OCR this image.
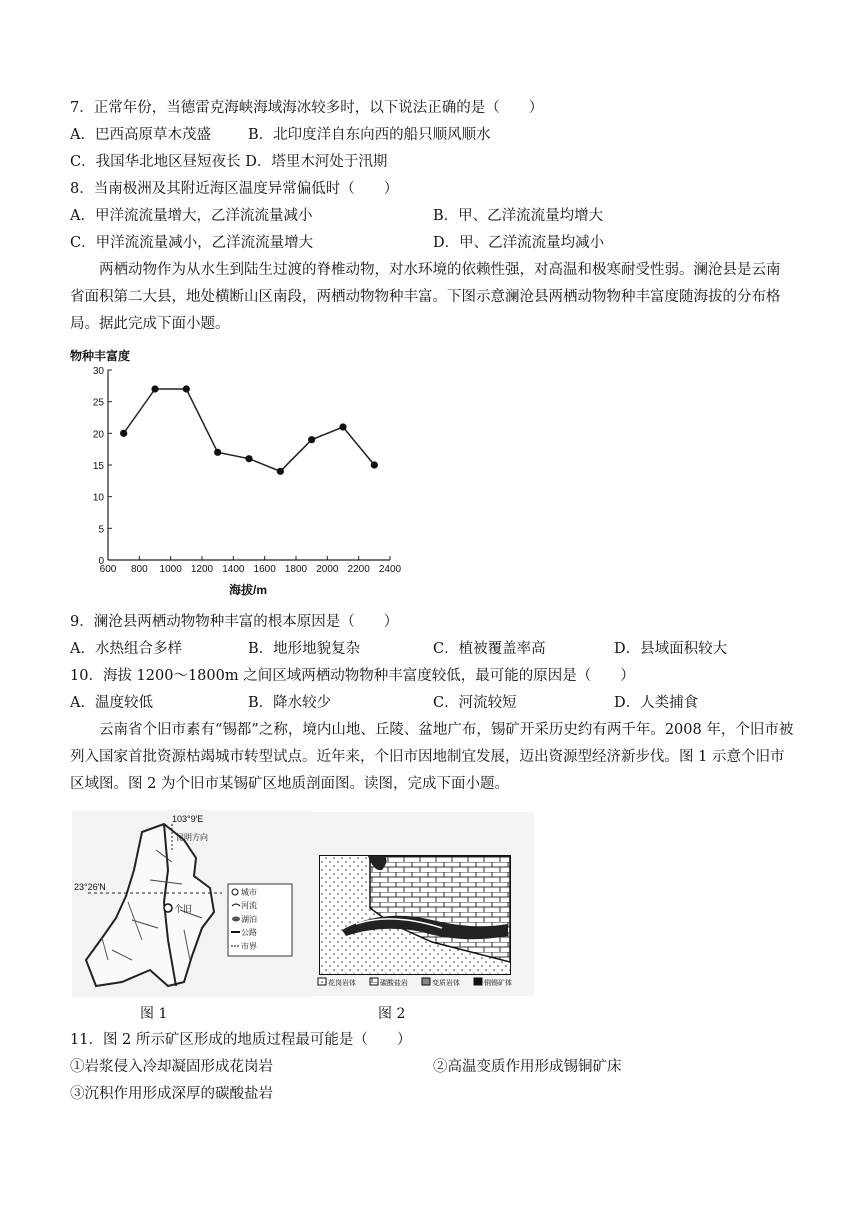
7．正常年份，当德雷克海峡海域海冰较多时，以下说法正确的是（　　）
A．巴西高原草木茂盛	B．北印度洋自东向西的船只顺风顺水
C．我国华北地区昼短夜长 D．塔里木河处于汛期
8．当南极洲及其附近海区温度异常偏低时（　　）
A．甲洋流流量增大，乙洋流流量减小	B．甲、乙洋流流量均增大
C．甲洋流流量减小，乙洋流流量增大	D．甲、乙洋流流量均减小
两栖动物作为从水生到陆生过渡的脊椎动物，对水环境的依赖性强，对高温和极寒耐受性弱。澜沧县是云南省面积第二大县，地处横断山区南段，两栖动物物种丰富。下图示意澜沧县两栖动物物种丰富度随海拔的分布格局。据此完成下面小题。
物种丰富度
海拔/m
600 800 1000 1200 1400 1600 1800 2000 2200 2400
0
5
10
15
20
25
30
9．澜沧县两栖动物物种丰富的根本原因是（　　）
A．水热组合多样	B．地形地貌复杂	C．植被覆盖率高	D．县域面积较大
10．海拔 1200～1800m 之间区域两栖动物物种丰富度较低，最可能的原因是（　　）
A．温度较低	B．降水较少	C．河流较短	D．人类捕食
云南省个旧市素有“锡都”之称，境内山地、丘陵、盆地广布，锡矿开采历史约有两千年。2008 年，个旧市被列入国家首批资源枯竭城市转型试点。近年来，个旧市因地制宜发展，迈出资源型经济新步伐。图 1 示意个旧市区域图。图 2 为个旧市某锡矿区地质剖面图。读图，完成下面小题。
103°9′E
23°26′N
昆明方向
个旧
城市
河流
湖泊
公路
市界
花岗岩体	碳酸盐岩	变质岩体	铜锡矿体
图 1	图 2
11．图 2 所示矿区形成的地质过程最可能是（　　）
①岩浆侵入冷却凝固形成花岗岩	②高温变质作用形成锡铜矿床
③沉积作用形成深厚的碳酸盐岩
